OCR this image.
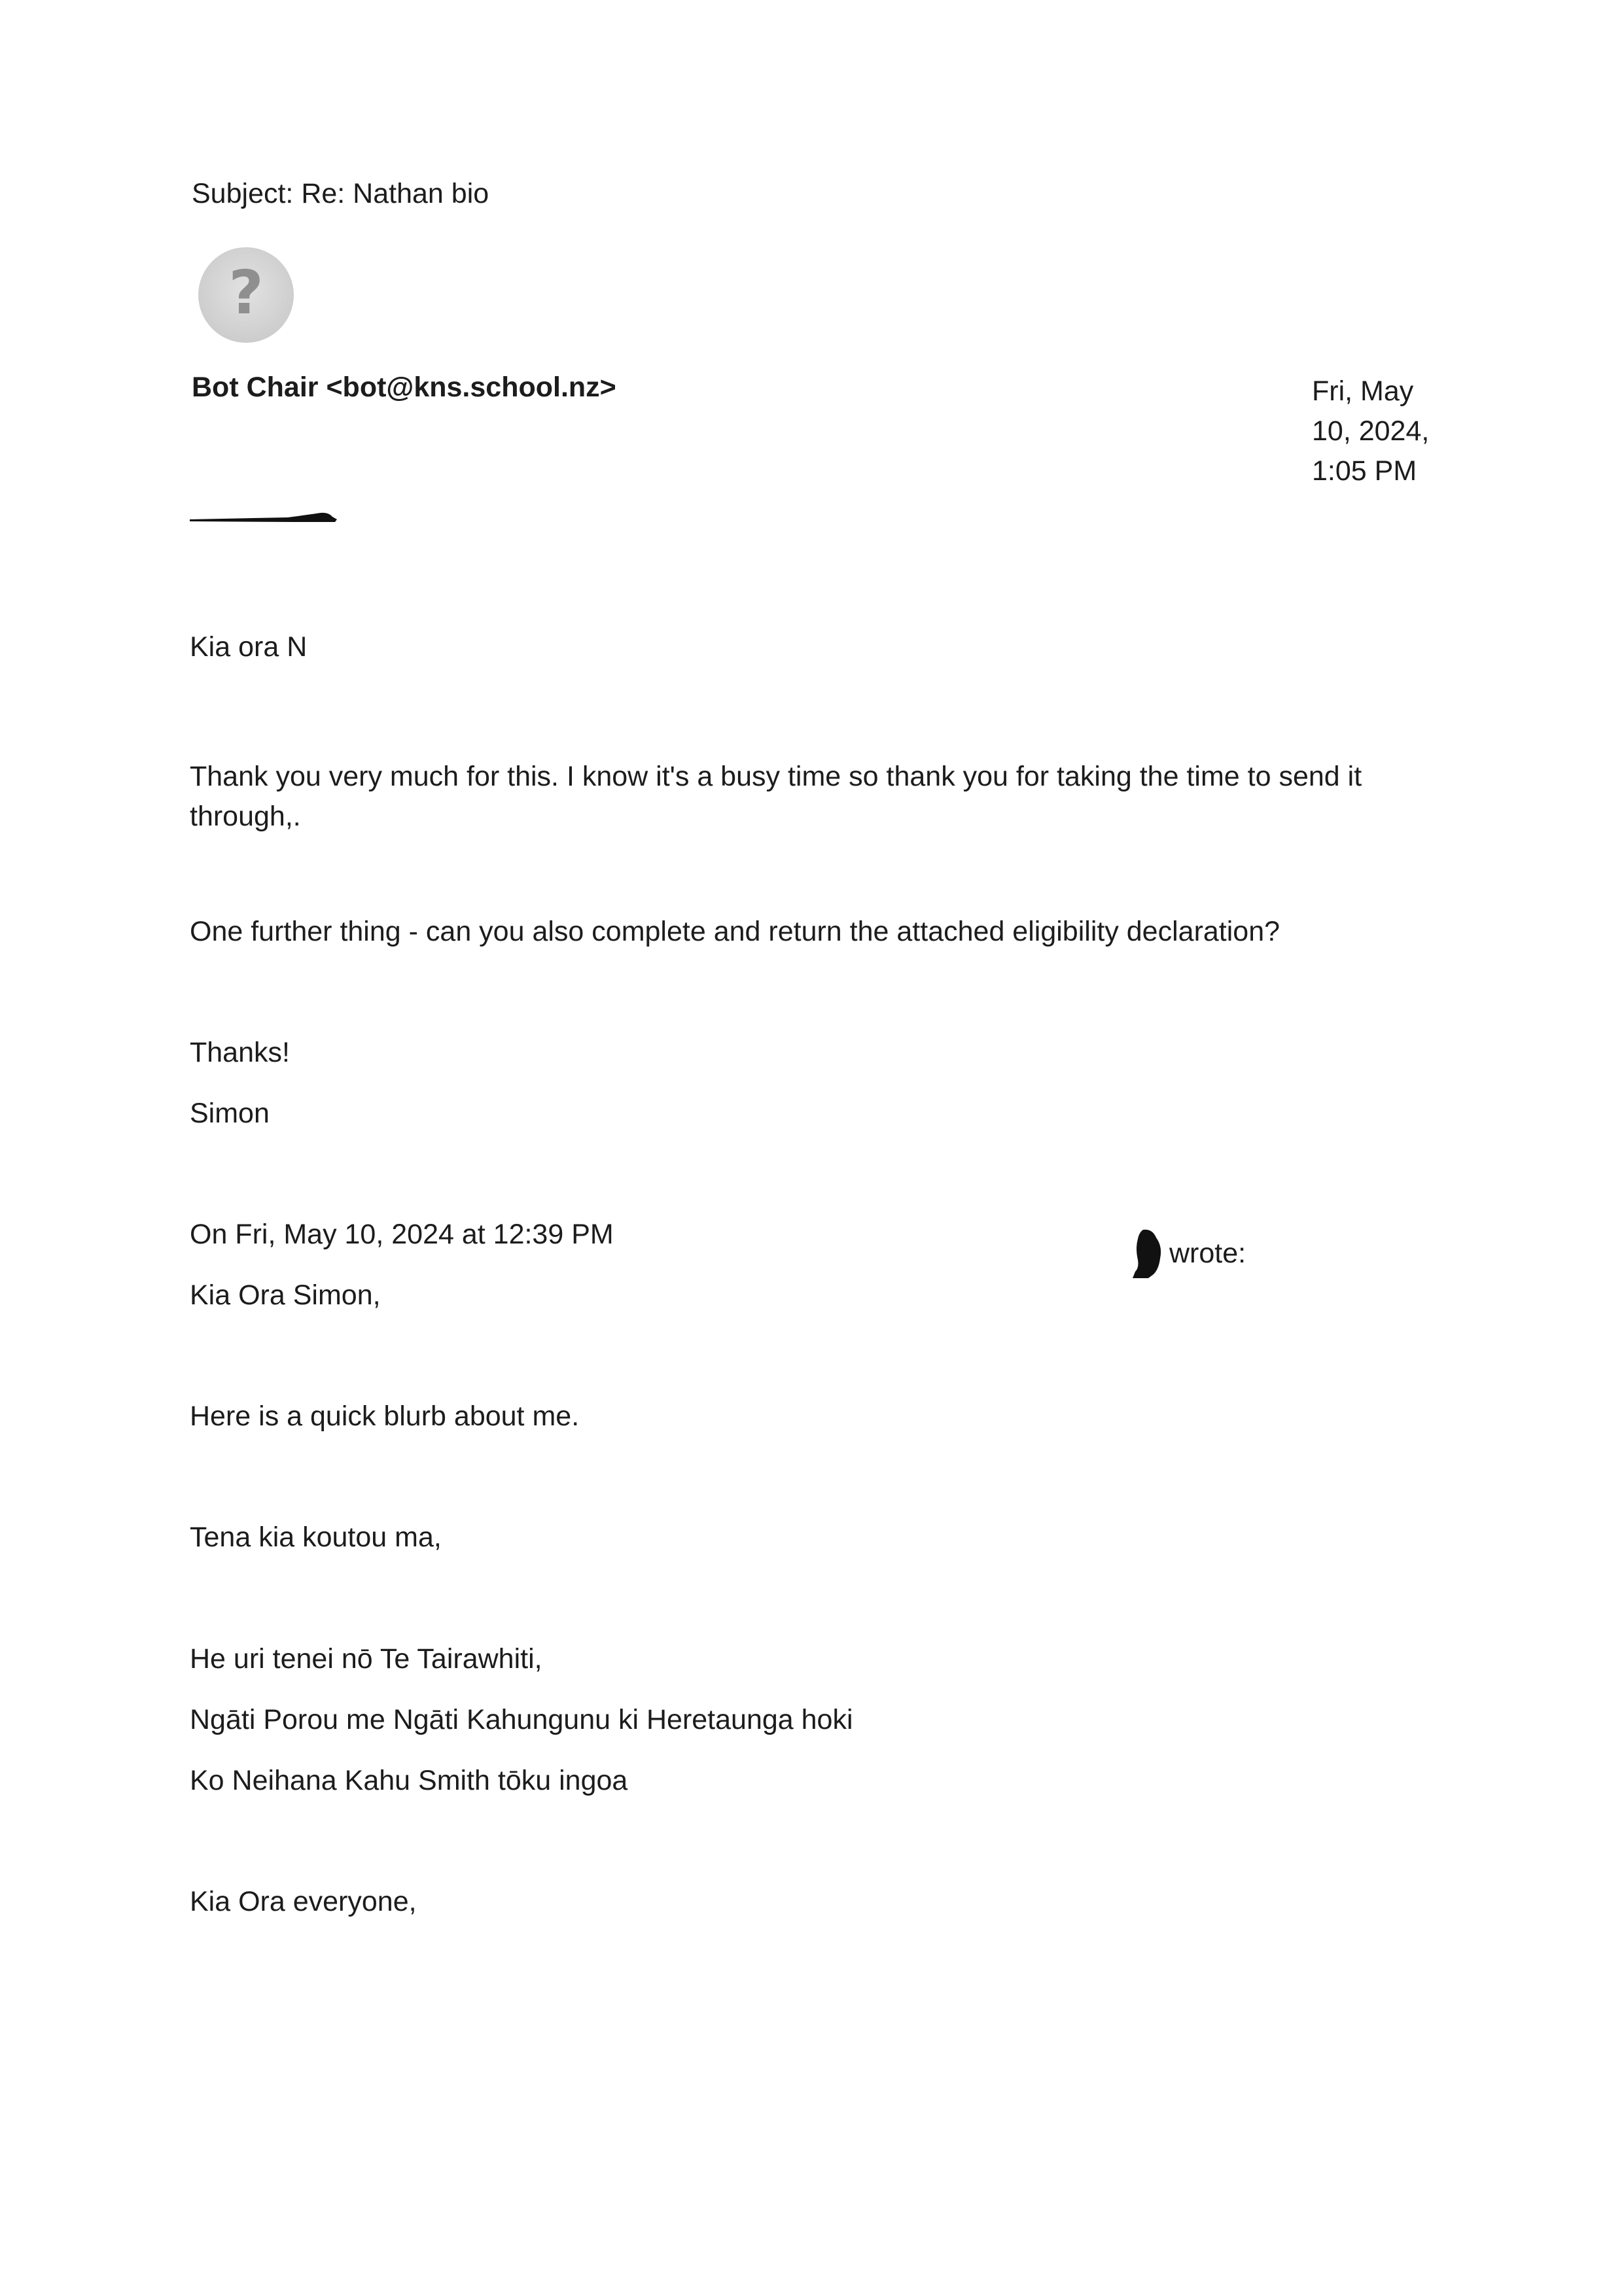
Subject: Re: Nathan bio

?

Bot Chair <bot@kns.school.nz>	Fri, May 10, 2024, 1:05 PM

Kia ora N

Thank you very much for this. I know it's a busy time so thank you for taking the time to send it through,.

One further thing - can you also complete and return the attached eligibility declaration?

Thanks!

Simon

On Fri, May 10, 2024 at 12:39 PM

wrote:

Kia Ora Simon,

Here is a quick blurb about me.

Tena kia koutou ma,

He uri tenei nō Te Tairawhiti,

Ngāti Porou me Ngāti Kahungunu ki Heretaunga hoki

Ko Neihana Kahu Smith tōku ingoa

Kia Ora everyone,
